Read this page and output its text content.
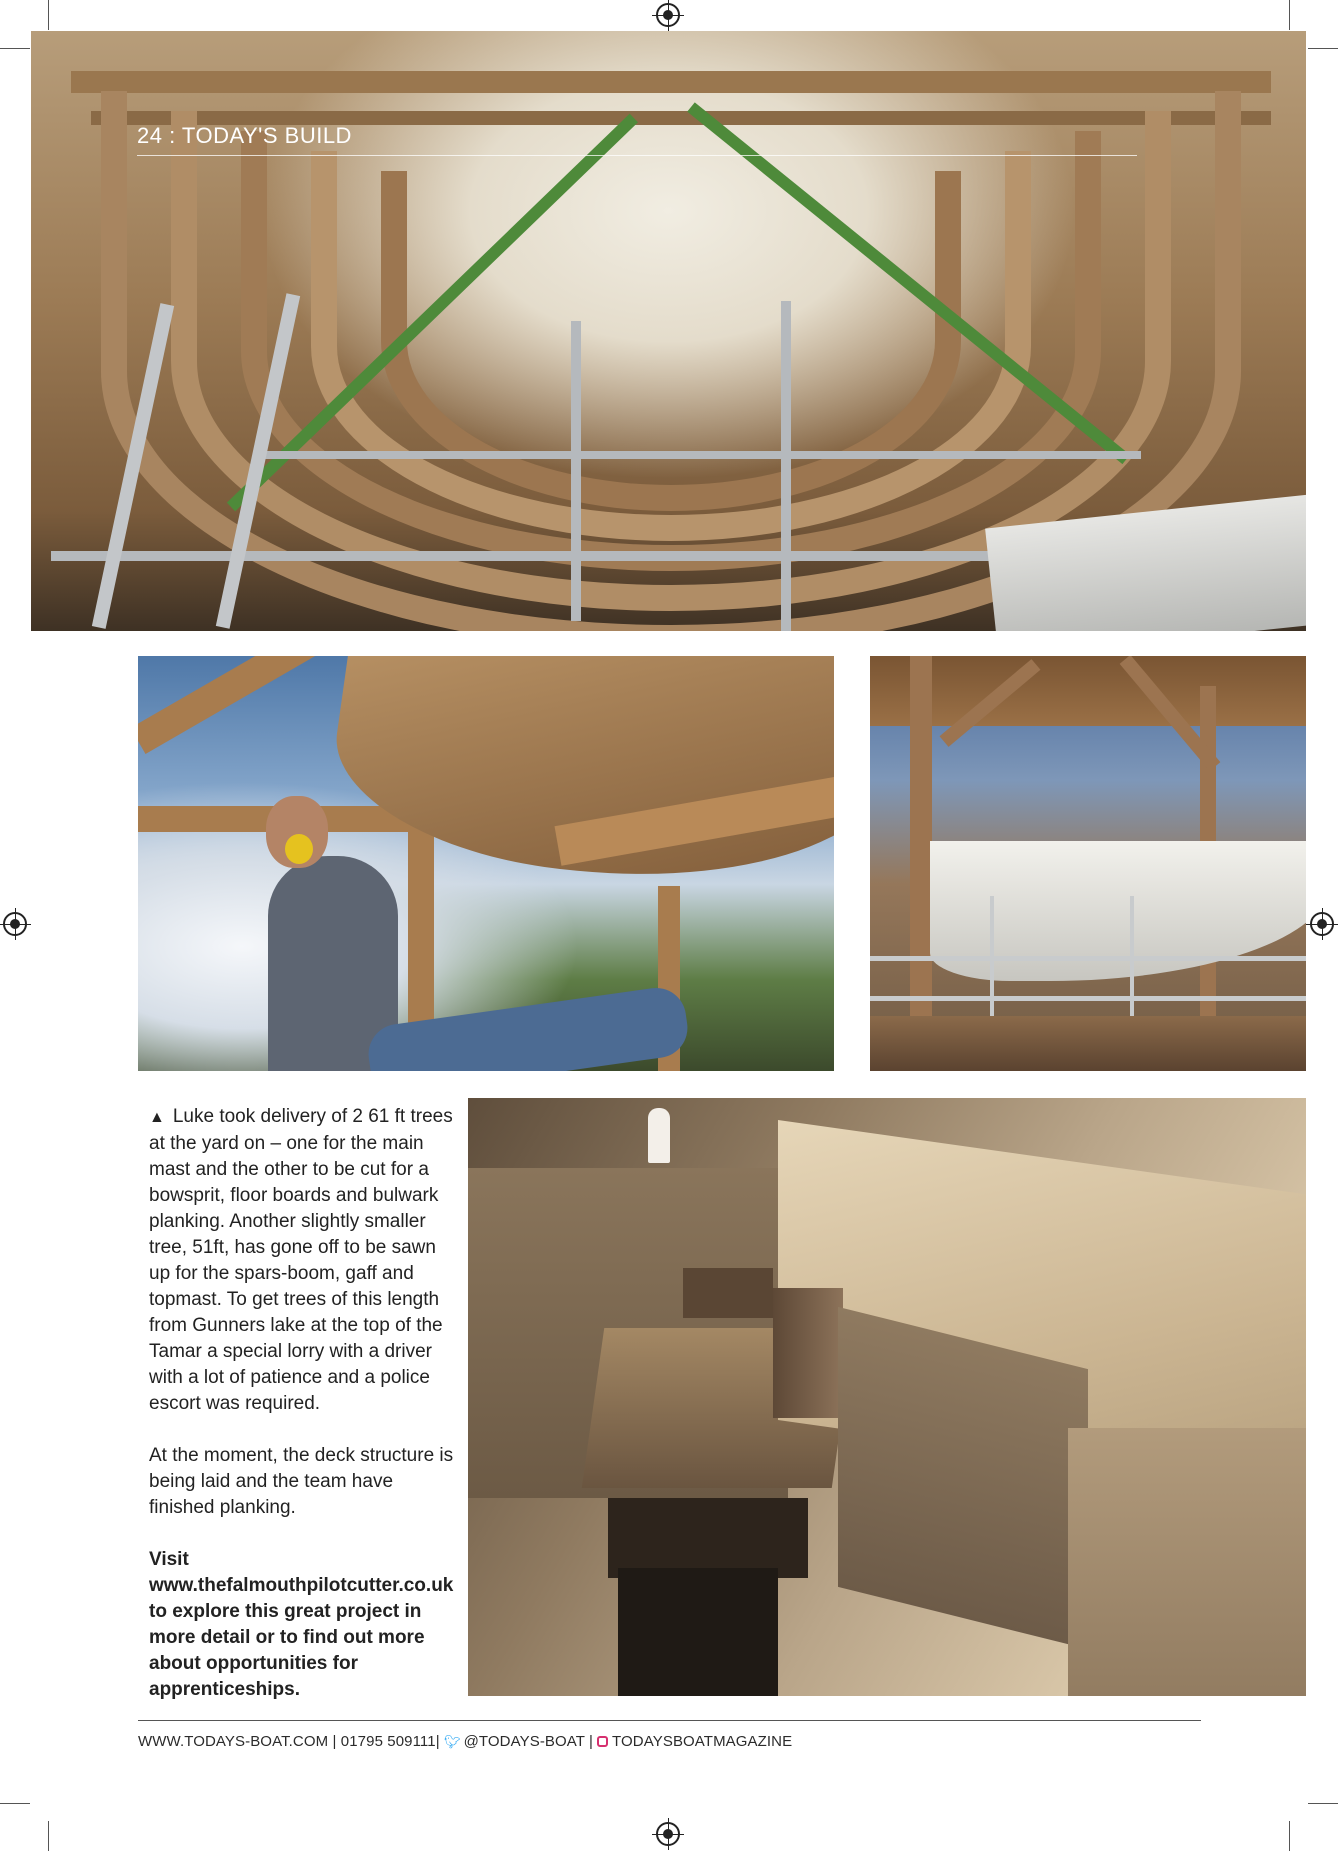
24 : TODAY'S BUILD

▲ Luke took delivery of 2 61 ft trees at the yard on – one for the main mast and the other to be cut for a bowsprit, floor boards and bulwark planking. Another slightly smaller tree, 51ft, has gone off to be sawn up for the spars-boom, gaff and topmast. To get trees of this length from Gunners lake at the top of the Tamar a special lorry with a driver with a lot of patience and a police escort was required.

At the moment, the deck structure is being laid and the team have finished planking.

Visit www.thefalmouthpilotcutter.co.uk to explore this great project in more detail or to find out more about opportunities for apprenticeships.

WWW.TODAYS-BOAT.COM | 01795 509111| 🐦︎ @TODAYS-BOAT | TODAYSBOATMAGAZINE
